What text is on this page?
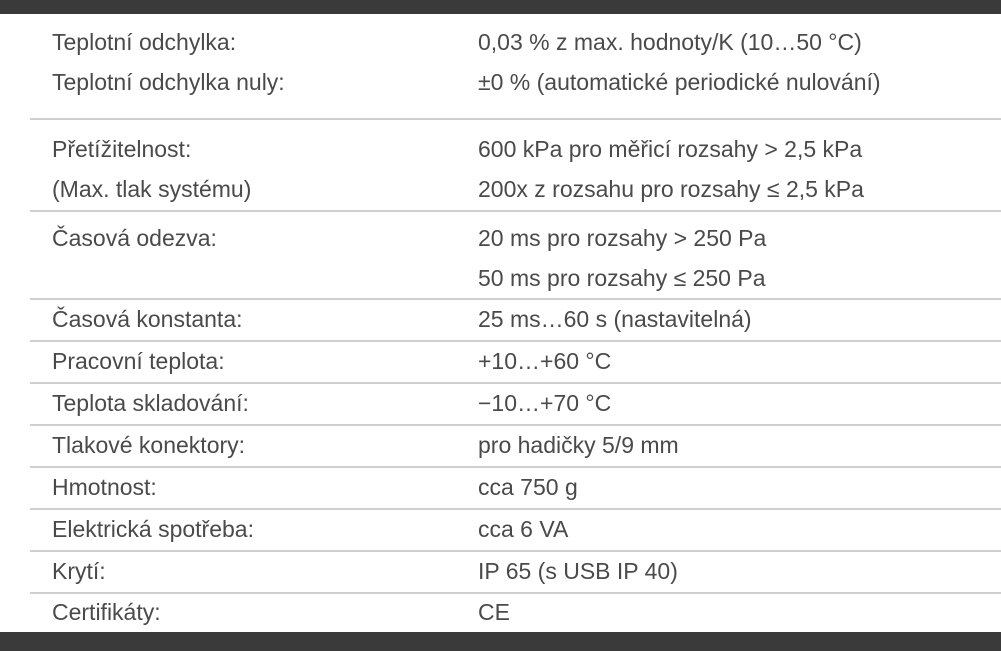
Teplotní odchylka:	0,03 % z max. hodnoty/K (10…50 °C)
Teplotní odchylka nuly:	±0 % (automatické periodické nulování)
Přetížitelnost:	600 kPa pro měřicí rozsahy > 2,5 kPa
(Max. tlak systému)	200x z rozsahu pro rozsahy ≤ 2,5 kPa
Časová odezva:	20 ms pro rozsahy > 250 Pa
50 ms pro rozsahy ≤ 250 Pa
Časová konstanta:	25 ms…60 s (nastavitelná)
Pracovní teplota:	+10…+60 °C
Teplota skladování:	−10…+70 °C
Tlakové konektory:	pro hadičky 5/9 mm
Hmotnost:	cca 750 g
Elektrická spotřeba:	cca 6 VA
Krytí:	IP 65 (s USB IP 40)
Certifikáty:	CE
